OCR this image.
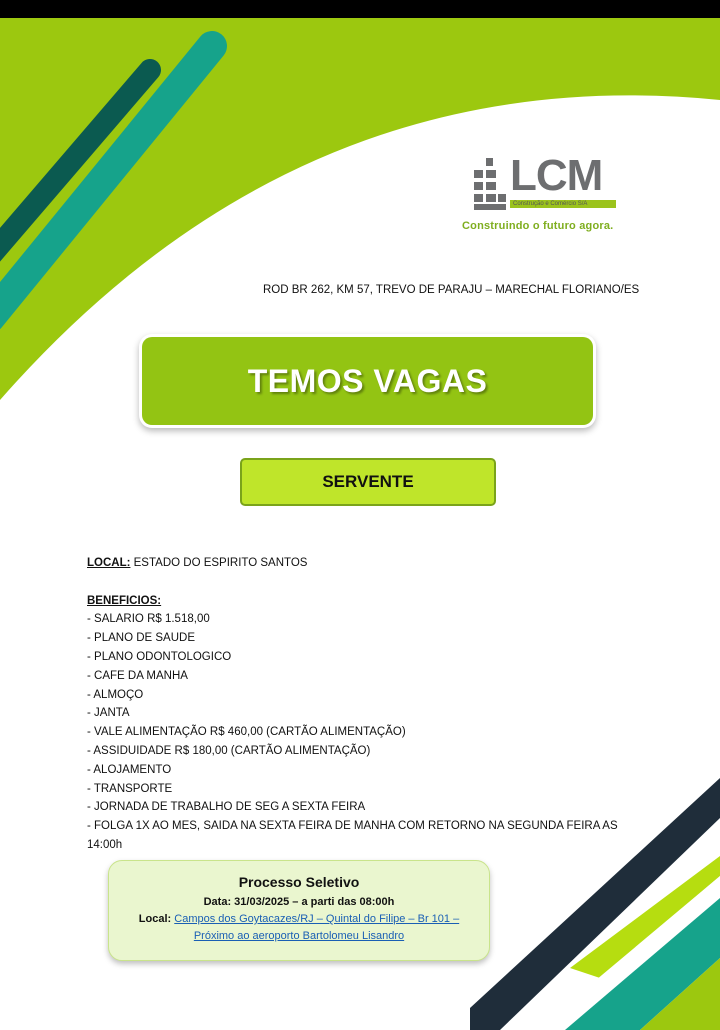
LCM
Construção e Comércio S/A
Construindo o futuro agora.
ROD BR 262, KM 57, TREVO DE PARAJU – MARECHAL FLORIANO/ES
TEMOS VAGAS
SERVENTE
LOCAL: ESTADO DO ESPIRITO SANTOS
BENEFICIOS:
- SALARIO R$ 1.518,00
- PLANO DE SAUDE
- PLANO ODONTOLOGICO
- CAFE DA MANHA
- ALMOÇO
- JANTA
- VALE ALIMENTAÇÃO R$ 460,00 (CARTÃO ALIMENTAÇÃO)
- ASSIDUIDADE R$ 180,00 (CARTÃO ALIMENTAÇÃO)
- ALOJAMENTO
- TRANSPORTE
- JORNADA DE TRABALHO DE SEG A SEXTA FEIRA
- FOLGA 1X AO MES, SAIDA NA SEXTA FEIRA DE MANHA COM RETORNO NA SEGUNDA FEIRA AS 14:00h
Processo Seletivo
Data: 31/03/2025 – a parti das 08:00h
Local: Campos dos Goytacazes/RJ – Quintal do Filipe – Br 101 –
Próximo ao aeroporto Bartolomeu Lisandro
